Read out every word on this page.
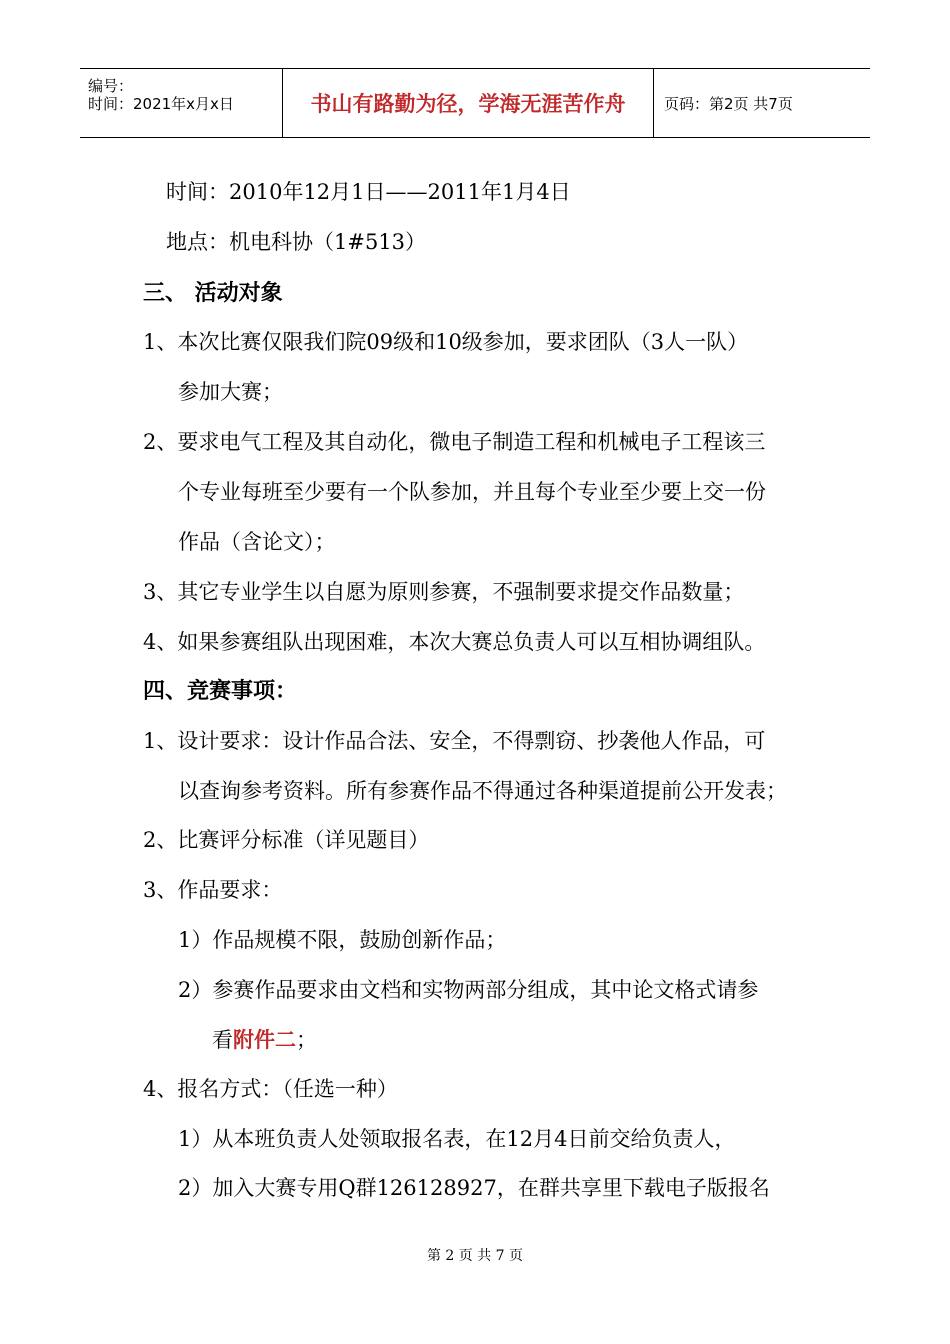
编号：
时间：2021年x月x日	书山有路勤为径，学海无涯苦作舟	页码：第2页 共7页
时间：2010年12月1日——2011年1月4日
地点：机电科协（1#513）
三、 活动对象
1、本次比赛仅限我们院09级和10级参加，要求团队（3人一队）
参加大赛；
2、要求电气工程及其自动化，微电子制造工程和机械电子工程该三
个专业每班至少要有一个队参加，并且每个专业至少要上交一份
作品（含论文）；
3、其它专业学生以自愿为原则参赛，不强制要求提交作品数量；
4、如果参赛组队出现困难，本次大赛总负责人可以互相协调组队。
四、竞赛事项：
1、设计要求：设计作品合法、安全，不得剽窃、抄袭他人作品，可
以查询参考资料。所有参赛作品不得通过各种渠道提前公开发表；
2、比赛评分标准（详见题目）
3、作品要求：
1）作品规模不限，鼓励创新作品；
2）参赛作品要求由文档和实物两部分组成，其中论文格式请参
看附件二；
4、报名方式：（任选一种）
1）从本班负责人处领取报名表，在12月4日前交给负责人，
2）加入大赛专用Q群126128927，在群共享里下载电子版报名
第 2 页 共 7 页
